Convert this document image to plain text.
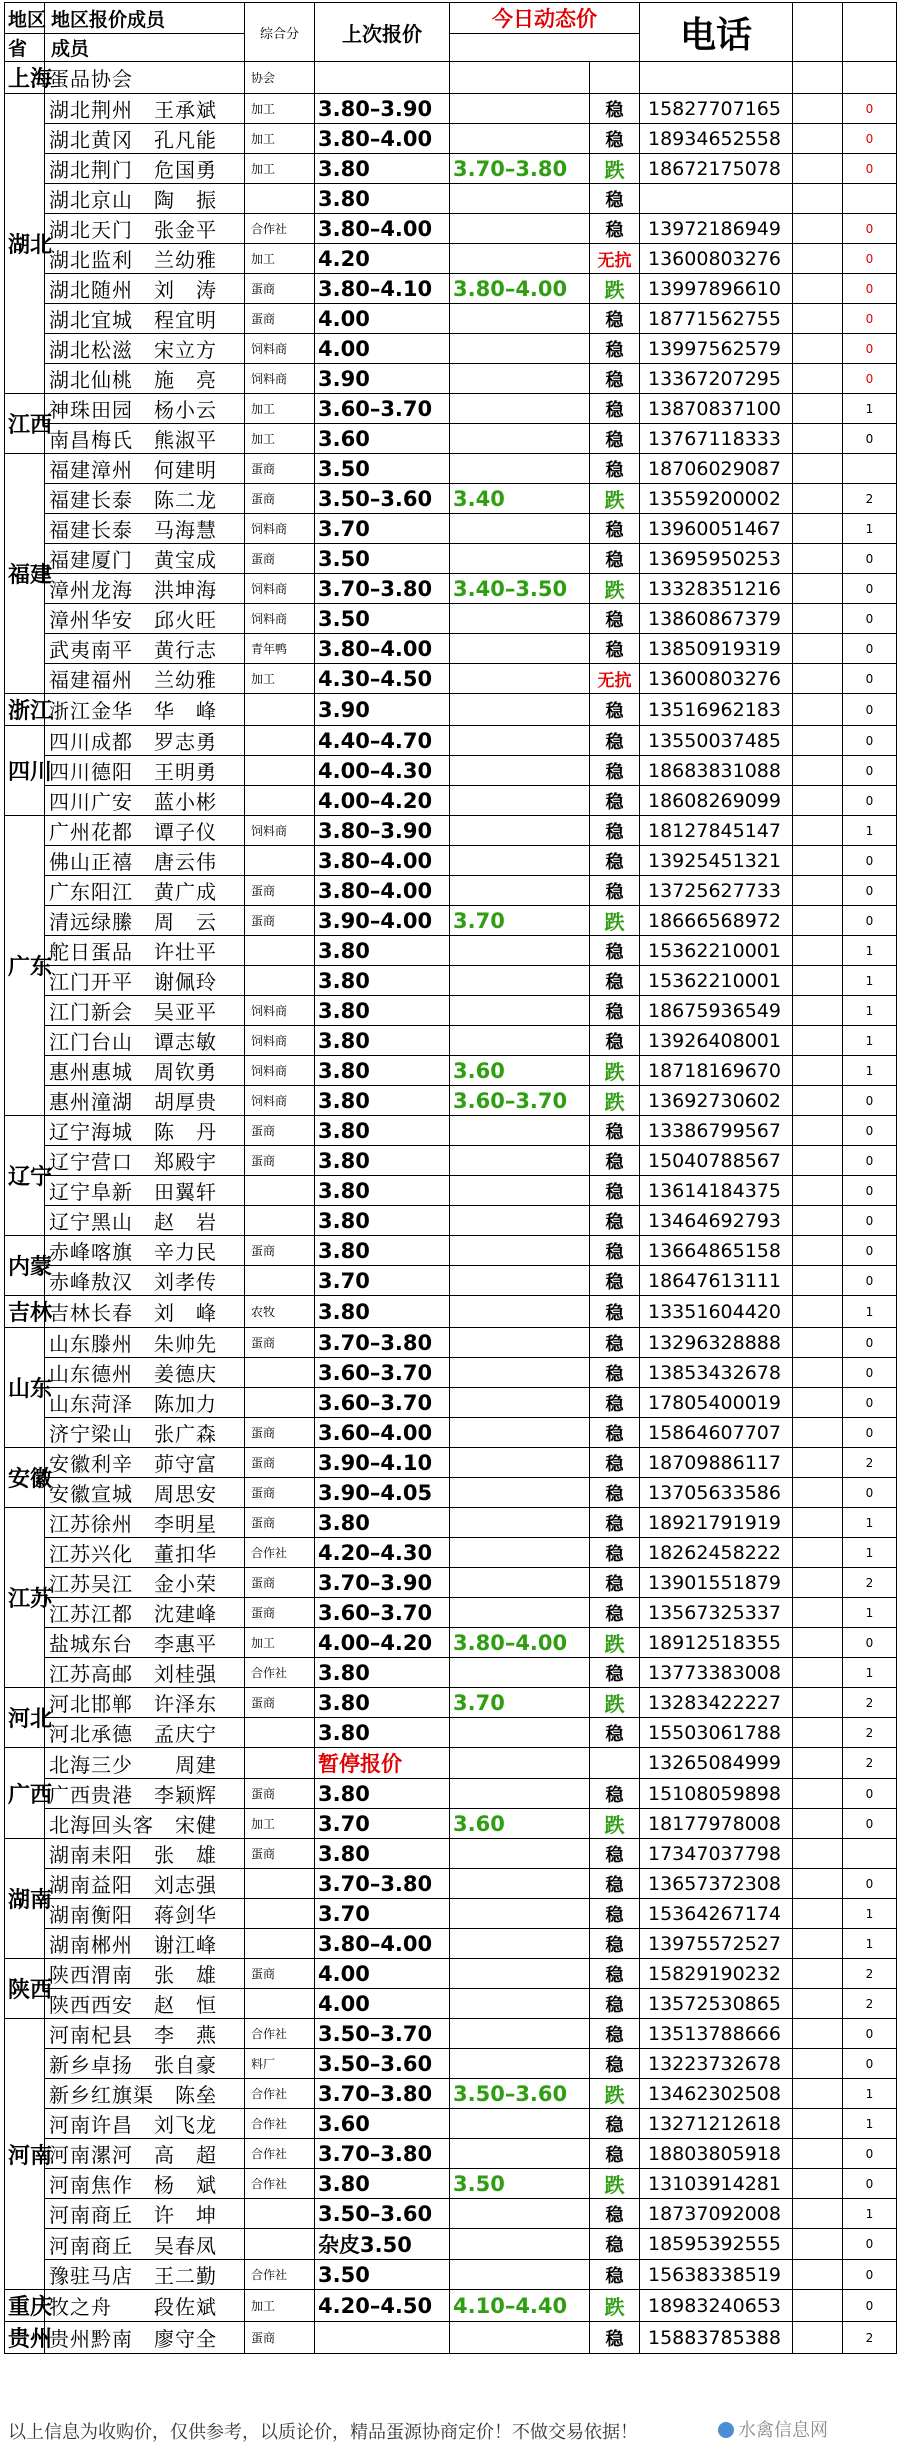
地区	地区报价成员	综合分	上次报价	今日动态价		电话		
省	成员							
上海	蛋品协会	协会						
湖北	湖北荆州　王承斌	加工	3.80–3.90		稳	15827707165		0
	湖北黄冈　孔凡能	加工	3.80–4.00		稳	18934652558		0
	湖北荆门　危国勇	加工	3.80	3.70–3.80	跌	18672175078		0
	湖北京山　陶　振		3.80		稳			
	湖北天门　张金平	合作社	3.80–4.00		稳	13972186949		0
	湖北监利　兰幼雅	加工	4.20		无抗	13600803276		0
	湖北随州　刘　涛	蛋商	3.80–4.10	3.80–4.00	跌	13997896610		0
	湖北宜城　程宜明	蛋商	4.00		稳	18771562755		0
	湖北松滋　宋立方	饲料商	4.00		稳	13997562579		0
	湖北仙桃　施　亮	饲料商	3.90		稳	13367207295		0
江西	神珠田园　杨小云	加工	3.60–3.70		稳	13870837100		1
	南昌梅氏　熊淑平	加工	3.60		稳	13767118333		0
福建	福建漳州　何建明	蛋商	3.50		稳	18706029087		
	福建长泰　陈二龙	蛋商	3.50–3.60	3.40	跌	13559200002		2
	福建长泰　马海慧	饲料商	3.70		稳	13960051467		1
	福建厦门　黄宝成	蛋商	3.50		稳	13695950253		0
	漳州龙海　洪坤海	饲料商	3.70–3.80	3.40–3.50	跌	13328351216		0
	漳州华安　邱火旺	饲料商	3.50		稳	13860867379		0
	武夷南平　黄行志	青年鸭	3.80–4.00		稳	13850919319		0
	福建福州　兰幼雅	加工	4.30–4.50		无抗	13600803276		0
浙江	浙江金华　华　峰		3.90		稳	13516962183		0
四川	四川成都　罗志勇		4.40–4.70		稳	13550037485		0
	四川德阳　王明勇		4.00–4.30		稳	18683831088		0
	四川广安　蓝小彬		4.00–4.20		稳	18608269099		0
广东	广州花都　谭子仪	饲料商	3.80–3.90		稳	18127845147		1
	佛山正禧　唐云伟		3.80–4.00		稳	13925451321		0
	广东阳江　黄广成	蛋商	3.80–4.00		稳	13725627733		0
	清远绿縢　周　云	蛋商	3.90–4.00	3.70	跌	18666568972		0
	舵日蛋品　许壮平		3.80		稳	15362210001		1
	江门开平　谢佩玲		3.80		稳	15362210001		1
	江门新会　吴亚平	饲料商	3.80		稳	18675936549		1
	江门台山　谭志敏	饲料商	3.80		稳	13926408001		1
	惠州惠城　周钦勇	饲料商	3.80	3.60	跌	18718169670		1
	惠州潼湖　胡厚贵	饲料商	3.80	3.60–3.70	跌	13692730602		0
辽宁	辽宁海城　陈　丹	蛋商	3.80		稳	13386799567		0
	辽宁营口　郑殿宇	蛋商	3.80		稳	15040788567		0
	辽宁阜新　田翼轩		3.80		稳	13614184375		0
	辽宁黑山　赵　岩		3.80		稳	13464692793		0
内蒙	赤峰喀旗　辛力民	蛋商	3.80		稳	13664865158		0
	赤峰敖汉　刘孝传		3.70		稳	18647613111		0
吉林	吉林长春　刘　峰	农牧	3.80		稳	13351604420		1
山东	山东滕州　朱帅先	蛋商	3.70–3.80		稳	13296328888		0
	山东德州　姜德庆		3.60–3.70		稳	13853432678		0
	山东菏泽　陈加力		3.60–3.70		稳	17805400019		0
	济宁梁山　张广森	蛋商	3.60–4.00		稳	15864607707		0
安徽	安徽利辛　茆守富	蛋商	3.90–4.10		稳	18709886117		2
	安徽宣城　周思安	蛋商	3.90–4.05		稳	13705633586		0
江苏	江苏徐州　李明星	蛋商	3.80		稳	18921791919		1
	江苏兴化　董扣华	合作社	4.20–4.30		稳	18262458222		1
	江苏吴江　金小荣	蛋商	3.70–3.90		稳	13901551879		2
	江苏江都　沈建峰	蛋商	3.60–3.70		稳	13567325337		1
	盐城东台　李惠平	加工	4.00–4.20	3.80–4.00	跌	18912518355		0
	江苏高邮　刘桂强	合作社	3.80		稳	13773383008		1
河北	河北邯郸　许泽东	蛋商	3.80	3.70	跌	13283422227		2
	河北承德　孟庆宁		3.80		稳	15503061788		2
广西	北海三少　　周建		暂停报价			13265084999		2
	广西贵港　李颖辉	蛋商	3.80		稳	15108059898		0
	北海回头客　宋健	加工	3.70	3.60	跌	18177978008		0
湖南	湖南耒阳　张　雄	蛋商	3.80		稳	17347037798		
	湖南益阳　刘志强		3.70–3.80		稳	13657372308		0
	湖南衡阳　蒋剑华		3.70		稳	15364267174		1
	湖南郴州　谢江峰		3.80–4.00		稳	13975572527		1
陕西	陕西渭南　张　雄	蛋商	4.00		稳	15829190232		2
	陕西西安　赵　恒		4.00		稳	13572530865		2
河南	河南杞县　李　燕	合作社	3.50–3.70		稳	13513788666		0
	新乡卓扬　张自豪	料厂	3.50–3.60		稳	13223732678		0
	新乡红旗渠　陈垒	合作社	3.70–3.80	3.50–3.60	跌	13462302508		1
	河南许昌　刘飞龙	合作社	3.60		稳	13271212618		1
	河南漯河　高　超	合作社	3.70–3.80		稳	18803805918		0
	河南焦作　杨　斌	合作社	3.80	3.50	跌	13103914281		0
	河南商丘　许　坤		3.50–3.60		稳	18737092008		1
	河南商丘　吴春凤		杂皮3.50		稳	18595392555		0
	豫驻马店　王二勤	合作社	3.50		稳	15638338519		0
重庆	牧之舟　　段佐斌	加工	4.20–4.50	4.10–4.40	跌	18983240653		0
贵州	贵州黔南　廖守全	蛋商			稳	15883785388		2
以上信息为收购价，仅供参考，以质论价，精品蛋源协商定价！不做交易依据！	水禽信息网
